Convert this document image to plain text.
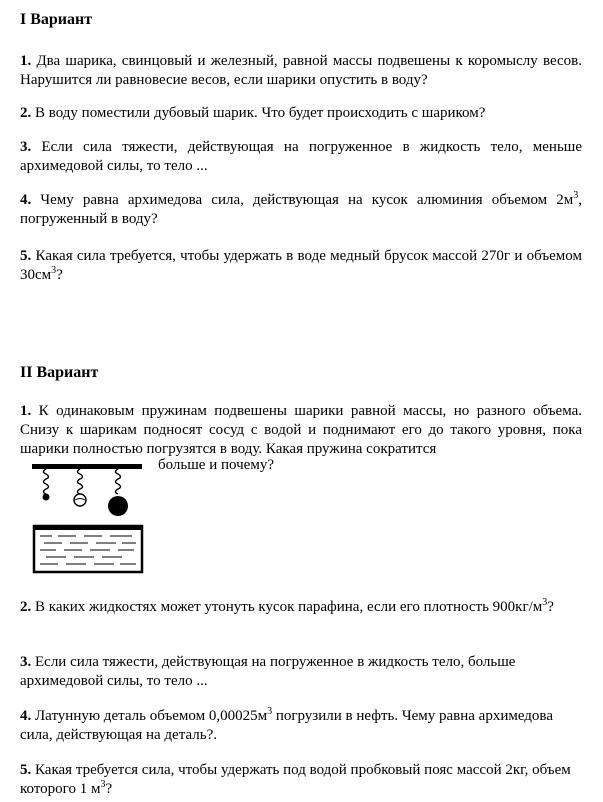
I Вариант

1. Два шарика, свинцовый и железный, равной массы подвешены к коромыслу весов. Нарушится ли равновесие весов, если шарики опустить в воду?

2. В воду поместили дубовый шарик. Что будет происходить с шариком?

3. Если сила тяжести, действующая на погруженное в жидкость тело, меньше архимедовой силы, то тело ...

4. Чему равна архимедова сила, действующая на кусок алюминия объемом $2м^3$, погруженный в воду?

5. Какая сила требуется, чтобы удержать в воде медный брусок массой 270г и объемом $30см^3$?

II Вариант

1. К одинаковым пружинам подвешены шарики равной массы, но разного объема. Снизу к шарикам подносят сосуд с водой и поднимают его до такого уровня, пока шарики полностью погрузятся в воду. Какая пружина сократится

больше и почему?

2. В каких жидкостях может утонуть кусок парафина, если его плотность $900кг/м^3$?

3. Если сила тяжести, действующая на погруженное в жидкость тело, больше архимедовой силы, то тело ...

4. Латунную деталь объемом $0,00025м^3$ погрузили в нефть. Чему равна архимедова сила, действующая на деталь?.

5. Какая требуется сила, чтобы удержать под водой пробковый пояс массой 2кг, объем которого 1 $м^3$?
